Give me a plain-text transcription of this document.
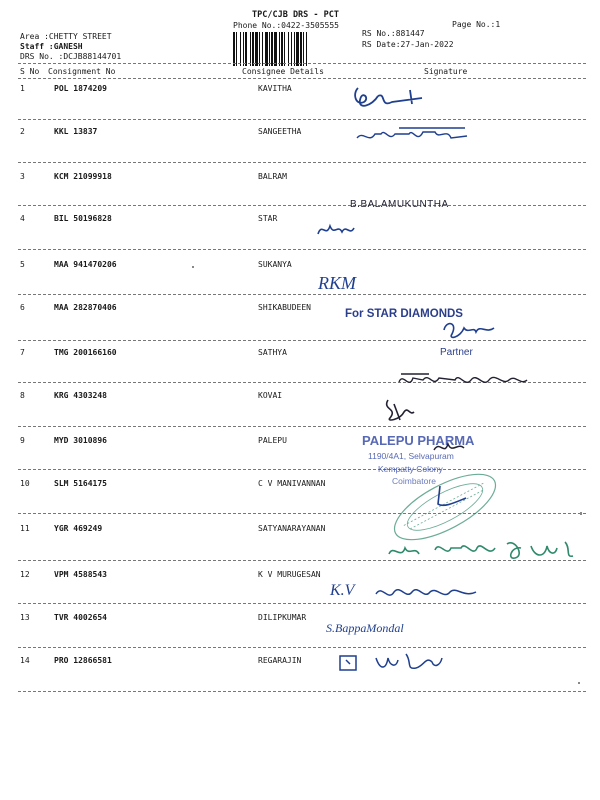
TPC/CJB DRS - PCT
Phone No.:0422-3505555	Page No.:1
Area :CHETTY STREET
Staff :GANESH
DRS No. :DCJB88144701
RS No.:881447
RS Date:27-Jan-2022
S No Consignment No	Consignee Details	Signature
1	POL 1874209	KAVITHA
2	KKL 13837	SANGEETHA
3	KCM 21099918	BALRAM
4	BIL 50196828	STAR
5	MAA 941470206	SUKANYA
6	MAA 282870406	SHIKABUDEEN
7	TMG 200166160	SATHYA
8	KRG 4303248	KOVAI
9	MYD 3010896	PALEPU
10	SLM 5164175	C V MANIVANNAN
11	YGR 469249	SATYANARAYANAN
12	VPM 4588543	K V MURUGESAN
13	TVR 4002654	DILIPKUMAR
14	PRO 12866581	REGARAJIN
B.BALAMUKUNTHA
RKM
For STAR DIAMONDS
Partner
PALEPU PHARMA
1190/4A1, Selvapuram
Kempatty Colony
Coimbatore
K.V
S.BappaMondal
